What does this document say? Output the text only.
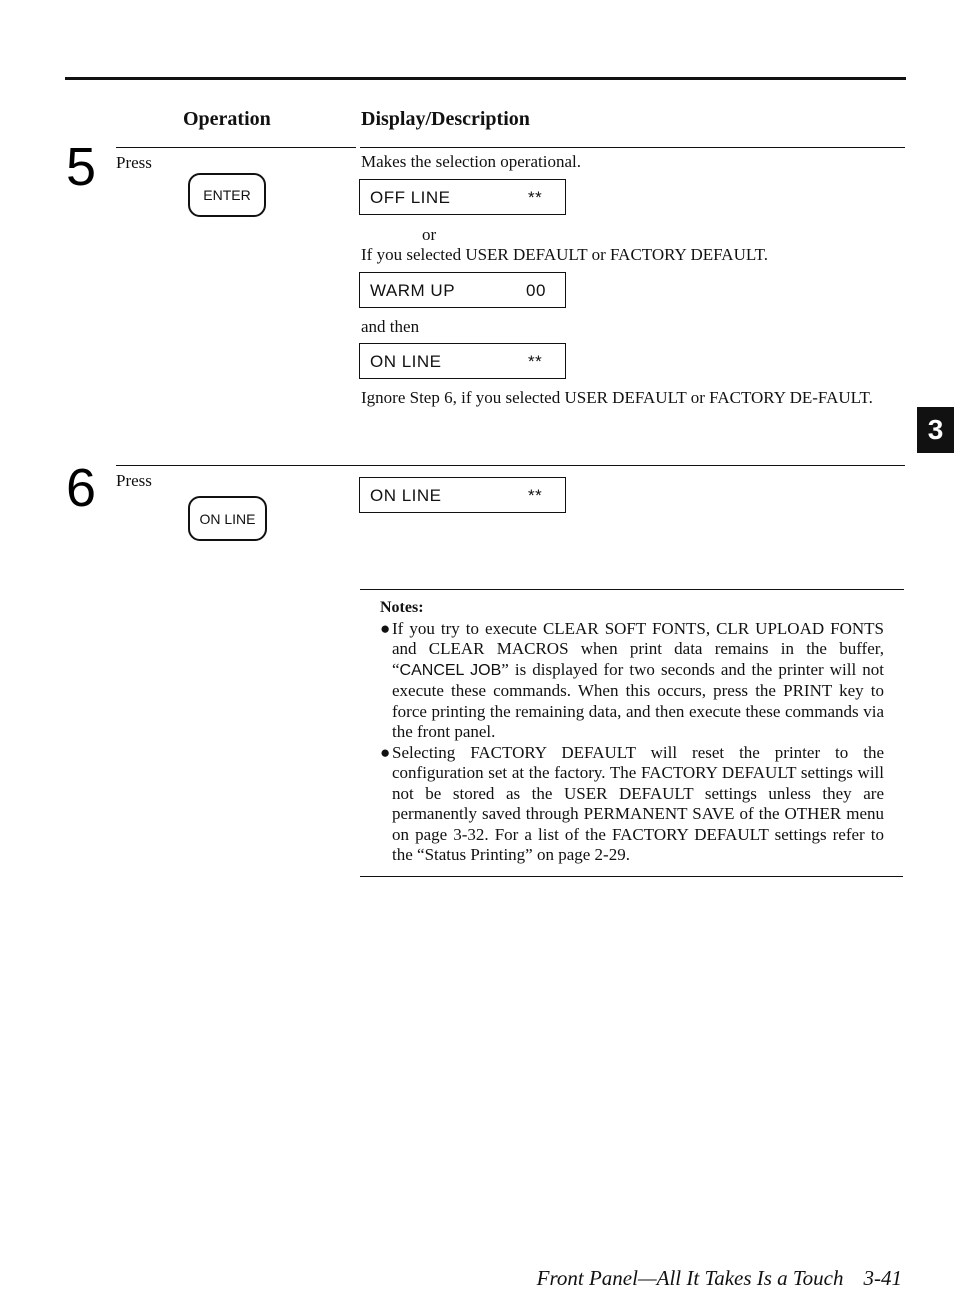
Operation	Display/Description
5 Press
ENTER
Makes the selection operational.
OFF LINE	**
or
If you selected USER DEFAULT or FACTORY DEFAULT.
WARM UP	00
and then
ON LINE	**
Ignore Step 6, if you selected USER DEFAULT or FACTORY DE-FAULT.
3
6 Press
ON LINE
ON LINE	**
Notes:
● If you try to execute CLEAR SOFT FONTS, CLR UPLOAD FONTS and CLEAR MACROS when print data remains in the buffer, “CANCEL JOB” is displayed for two seconds and the printer will not execute these commands. When this occurs, press the PRINT key to force printing the remaining data, and then execute these commands via the front panel.
● Selecting FACTORY DEFAULT will reset the printer to the configuration set at the factory. The FACTORY DEFAULT settings will not be stored as the USER DEFAULT settings unless they are permanently saved through PERMANENT SAVE of the OTHER menu on page 3-32. For a list of the FACTORY DEFAULT settings refer to the “Status Printing” on page 2-29.
Front Panel—All It Takes Is a Touch 3-41
